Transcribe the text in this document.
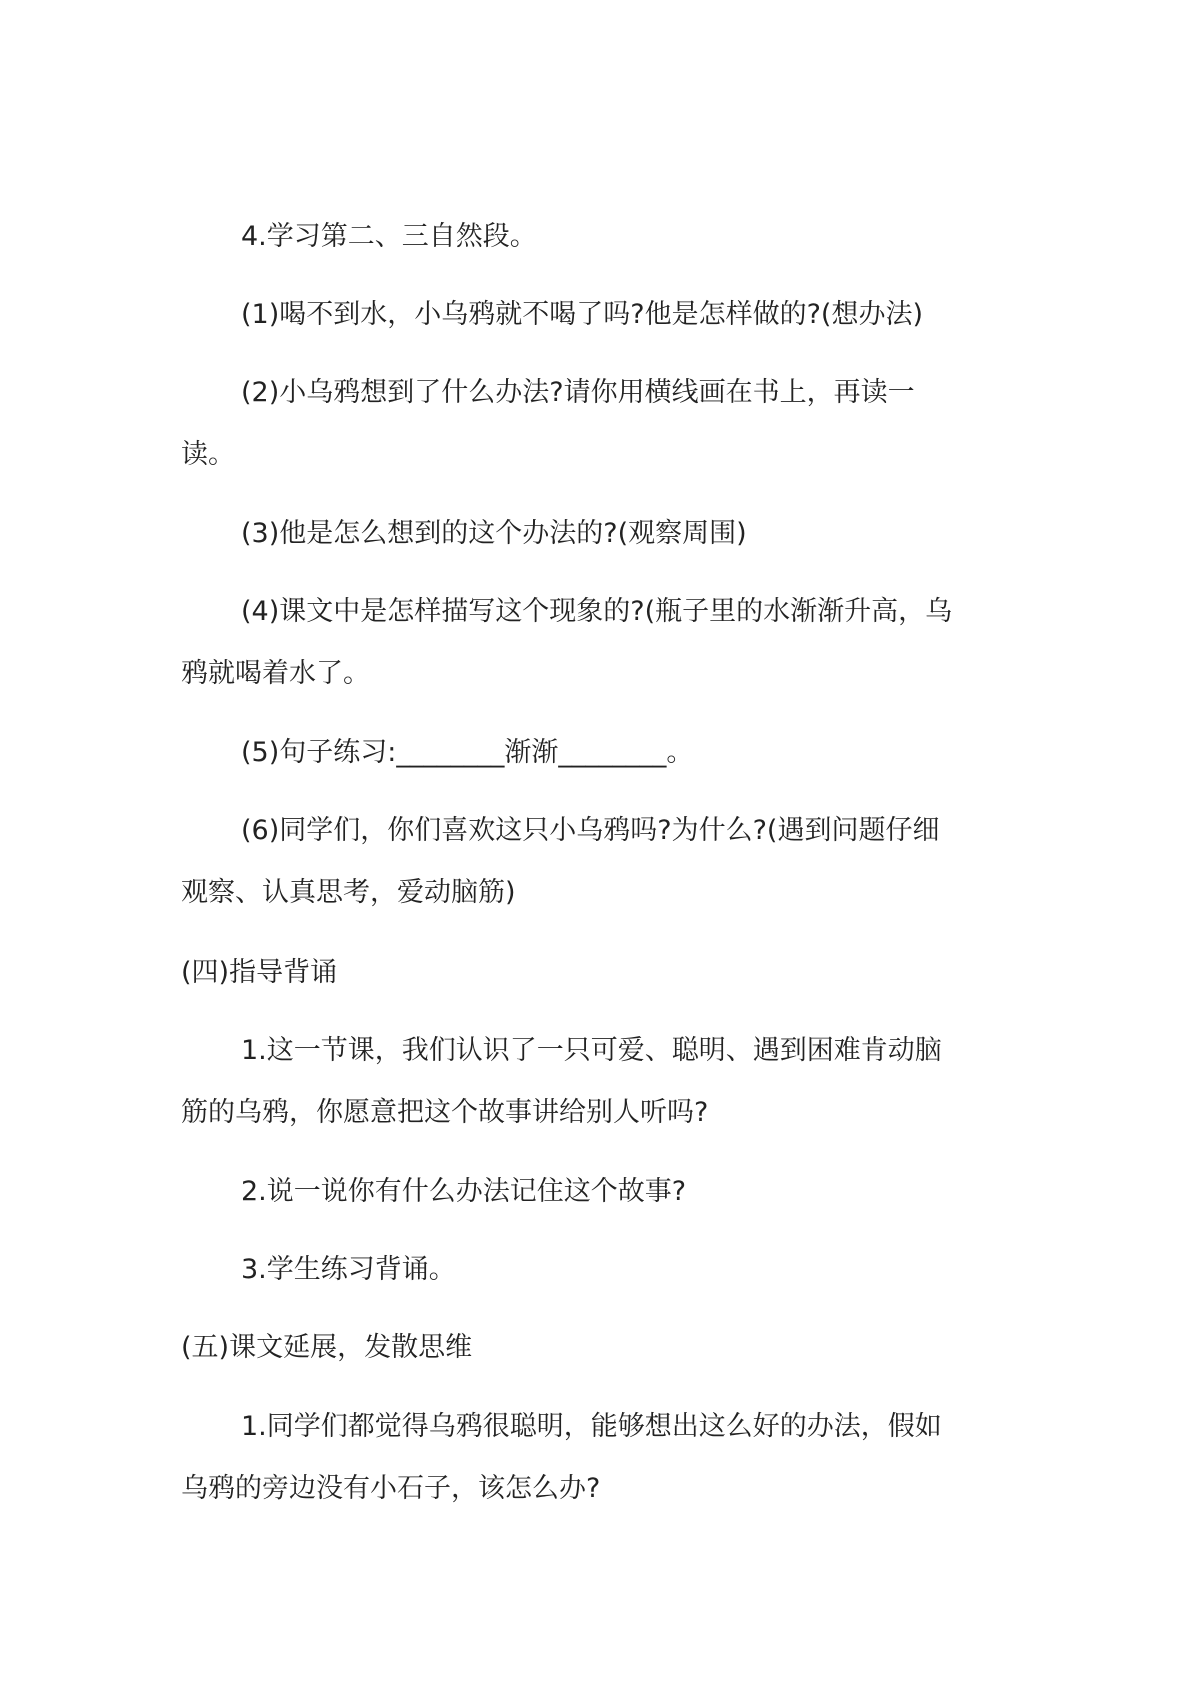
4.学习第二、三自然段。
(1)喝不到水，小乌鸦就不喝了吗?他是怎样做的?(想办法)
(2)小乌鸦想到了什么办法?请你用横线画在书上，再读一
读。
(3)他是怎么想到的这个办法的?(观察周围)
(4)课文中是怎样描写这个现象的?(瓶子里的水渐渐升高，乌
鸦就喝着水了。
(5)句子练习:________渐渐________。
(6)同学们，你们喜欢这只小乌鸦吗?为什么?(遇到问题仔细
观察、认真思考，爱动脑筋)
(四)指导背诵
1.这一节课，我们认识了一只可爱、聪明、遇到困难肯动脑
筋的乌鸦，你愿意把这个故事讲给别人听吗?
2.说一说你有什么办法记住这个故事?
3.学生练习背诵。
(五)课文延展，发散思维
1.同学们都觉得乌鸦很聪明，能够想出这么好的办法，假如
乌鸦的旁边没有小石子，该怎么办?
